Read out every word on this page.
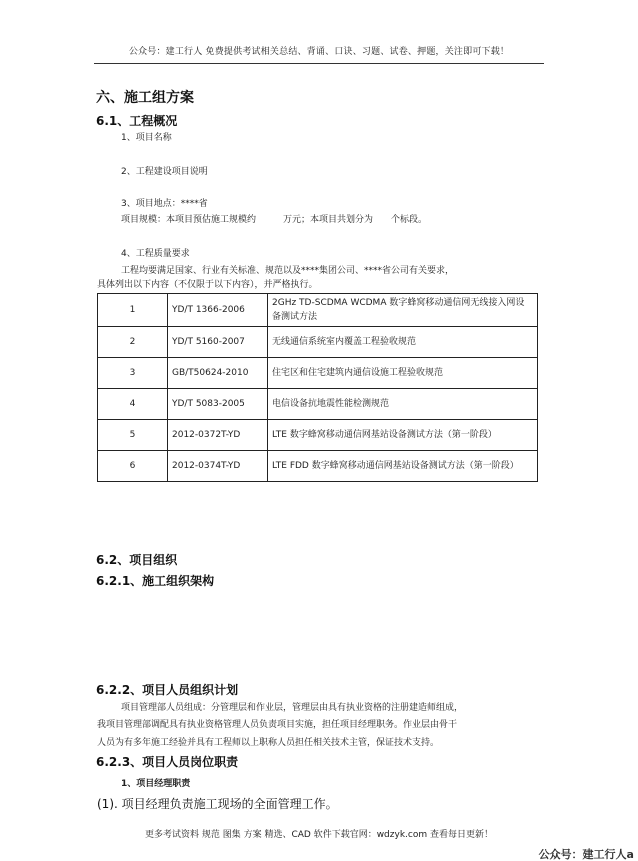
公众号：建工行人 免费提供考试相关总结、背诵、口诀、习题、试卷、押题，关注即可下载！
六、施工组方案
6.1、工程概况
1、项目名称
2、工程建设项目说明
3、项目地点：****省
项目规模：本项目预估施工规模约　　　万元；本项目共划分为　　个标段。
4、工程质量要求
工程均要满足国家、行业有关标准、规范以及****集团公司、****省公司有关要求，
具体列出以下内容（不仅限于以下内容），并严格执行。
1	YD/T 1366-2006	2GHz TD-SCDMA WCDMA 数字蜂窝移动通信网无线接入网设备测试方法
2	YD/T 5160-2007	无线通信系统室内覆盖工程验收规范
3	GB/T50624-2010	住宅区和住宅建筑内通信设施工程验收规范
4	YD/T 5083-2005	电信设备抗地震性能检测规范
5	2012-0372T-YD	LTE 数字蜂窝移动通信网基站设备测试方法（第一阶段）
6	2012-0374T-YD	LTE FDD 数字蜂窝移动通信网基站设备测试方法（第一阶段）
6.2、项目组织
6.2.1、施工组织架构
6.2.2、项目人员组织计划
项目管理部人员组成：分管理层和作业层，管理层由具有执业资格的注册建造师组成，
我项目管理部调配具有执业资格管理人员负责项目实施，担任项目经理职务。作业层由骨干
人员为有多年施工经验并具有工程师以上职称人员担任相关技术主管，保证技术支持。
6.2.3、项目人员岗位职责
1、项目经理职责
(1). 项目经理负责施工现场的全面管理工作。
更多考试资料 规范 图集 方案 精选、CAD 软件下载官网：wdzyk.com 查看每日更新！
公众号：建工行人a
